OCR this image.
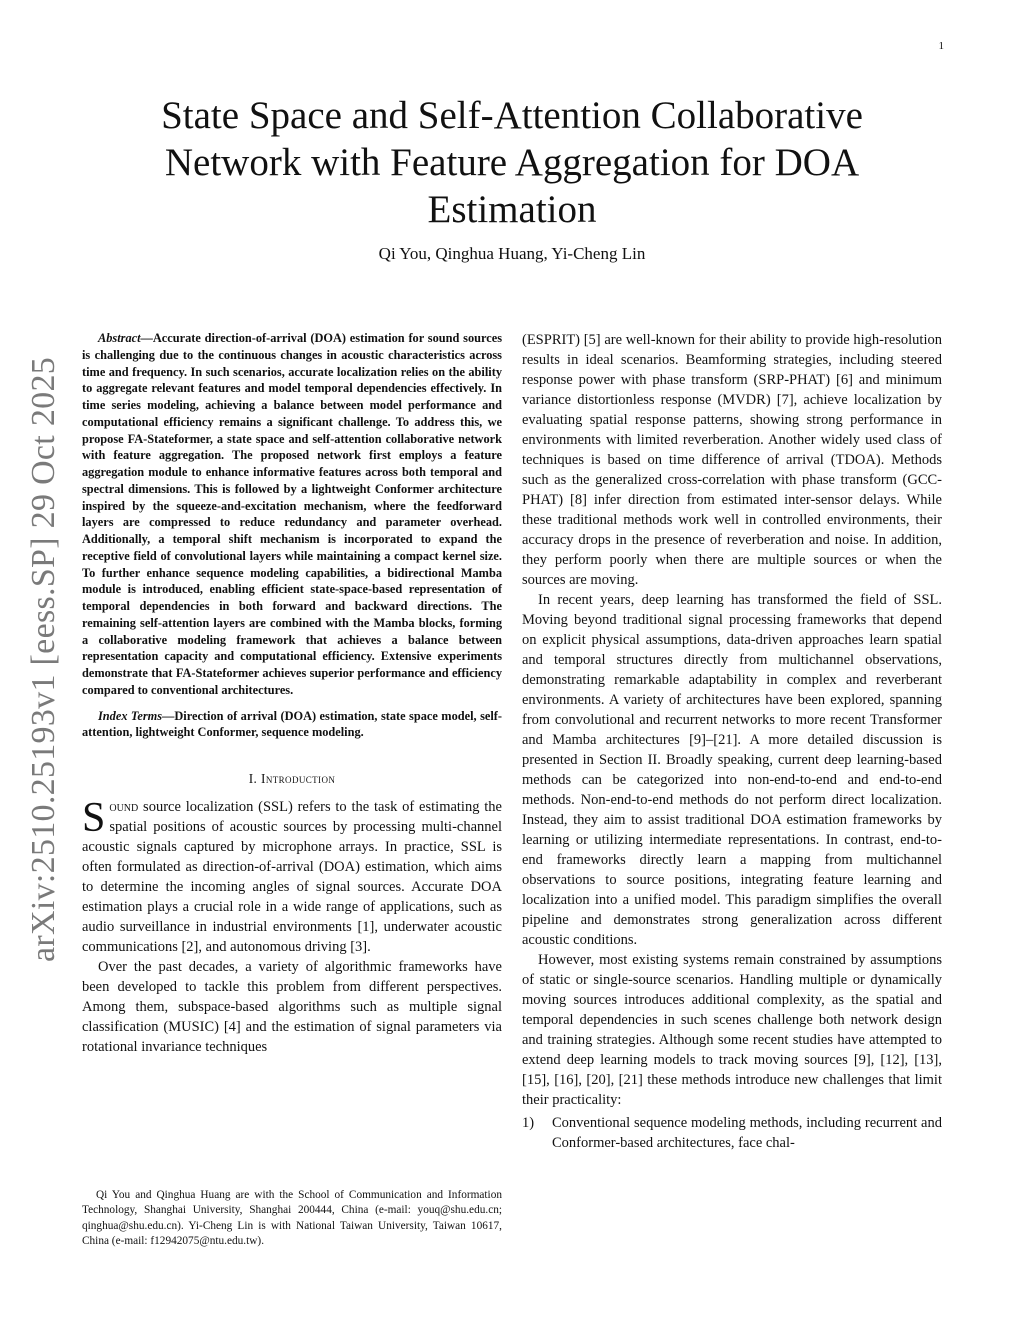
1
arXiv:2510.25193v1 [eess.SP] 29 Oct 2025
State Space and Self-Attention Collaborative Network with Feature Aggregation for DOA Estimation
Qi You, Qinghua Huang, Yi-Cheng Lin

Abstract—Accurate direction-of-arrival (DOA) estimation for sound sources is challenging due to the continuous changes in acoustic characteristics across time and frequency. In such scenarios, accurate localization relies on the ability to aggregate relevant features and model temporal dependencies effectively. In time series modeling, achieving a balance between model performance and computational efficiency remains a significant challenge. To address this, we propose FA-Stateformer, a state space and self-attention collaborative network with feature aggregation. The proposed network first employs a feature aggregation module to enhance informative features across both temporal and spectral dimensions. This is followed by a lightweight Conformer architecture inspired by the squeeze-and-excitation mechanism, where the feedforward layers are compressed to reduce redundancy and parameter overhead. Additionally, a temporal shift mechanism is incorporated to expand the receptive field of convolutional layers while maintaining a compact kernel size. To further enhance sequence modeling capabilities, a bidirectional Mamba module is introduced, enabling efficient state-space-based representation of temporal dependencies in both forward and backward directions. The remaining self-attention layers are combined with the Mamba blocks, forming a collaborative modeling framework that achieves a balance between representation capacity and computational efficiency. Extensive experiments demonstrate that FA-Stateformer achieves superior performance and efficiency compared to conventional architectures.

Index Terms—Direction of arrival (DOA) estimation, state space model, self-attention, lightweight Conformer, sequence modeling.

I. Introduction

Sound source localization (SSL) refers to the task of estimating the spatial positions of acoustic sources by processing multi-channel acoustic signals captured by microphone arrays. In practice, SSL is often formulated as direction-of-arrival (DOA) estimation, which aims to determine the incoming angles of signal sources. Accurate DOA estimation plays a crucial role in a wide range of applications, such as audio surveillance in industrial environments [1], underwater acoustic communications [2], and autonomous driving [3].

Over the past decades, a variety of algorithmic frameworks have been developed to tackle this problem from different perspectives. Among them, subspace-based algorithms such as multiple signal classification (MUSIC) [4] and the estimation of signal parameters via rotational invariance techniques

Qi You and Qinghua Huang are with the School of Communication and Information Technology, Shanghai University, Shanghai 200444, China (e-mail: youq@shu.edu.cn; qinghua@shu.edu.cn). Yi-Cheng Lin is with National Taiwan University, Taiwan 10617, China (e-mail: f12942075@ntu.edu.tw).

(ESPRIT) [5] are well-known for their ability to provide high-resolution results in ideal scenarios. Beamforming strategies, including steered response power with phase transform (SRP-PHAT) [6] and minimum variance distortionless response (MVDR) [7], achieve localization by evaluating spatial response patterns, showing strong performance in environments with limited reverberation. Another widely used class of techniques is based on time difference of arrival (TDOA). Methods such as the generalized cross-correlation with phase transform (GCC-PHAT) [8] infer direction from estimated inter-sensor delays. While these traditional methods work well in controlled environments, their accuracy drops in the presence of reverberation and noise. In addition, they perform poorly when there are multiple sources or when the sources are moving.

In recent years, deep learning has transformed the field of SSL. Moving beyond traditional signal processing frameworks that depend on explicit physical assumptions, data-driven approaches learn spatial and temporal structures directly from multichannel observations, demonstrating remarkable adaptability in complex and reverberant environments. A variety of architectures have been explored, spanning from convolutional and recurrent networks to more recent Transformer and Mamba architectures [9]–[21]. A more detailed discussion is presented in Section II. Broadly speaking, current deep learning-based methods can be categorized into non-end-to-end and end-to-end methods. Non-end-to-end methods do not perform direct localization. Instead, they aim to assist traditional DOA estimation frameworks by learning or utilizing intermediate representations. In contrast, end-to-end frameworks directly learn a mapping from multichannel observations to source positions, integrating feature learning and localization into a unified model. This paradigm simplifies the overall pipeline and demonstrates strong generalization across different acoustic conditions.

However, most existing systems remain constrained by assumptions of static or single-source scenarios. Handling multiple or dynamically moving sources introduces additional complexity, as the spatial and temporal dependencies in such scenes challenge both network design and training strategies. Although some recent studies have attempted to extend deep learning models to track moving sources [9], [12], [13], [15], [16], [20], [21] these methods introduce new challenges that limit their practicality:

1)	Conventional sequence modeling methods, including recurrent and Conformer-based architectures, face chal-
